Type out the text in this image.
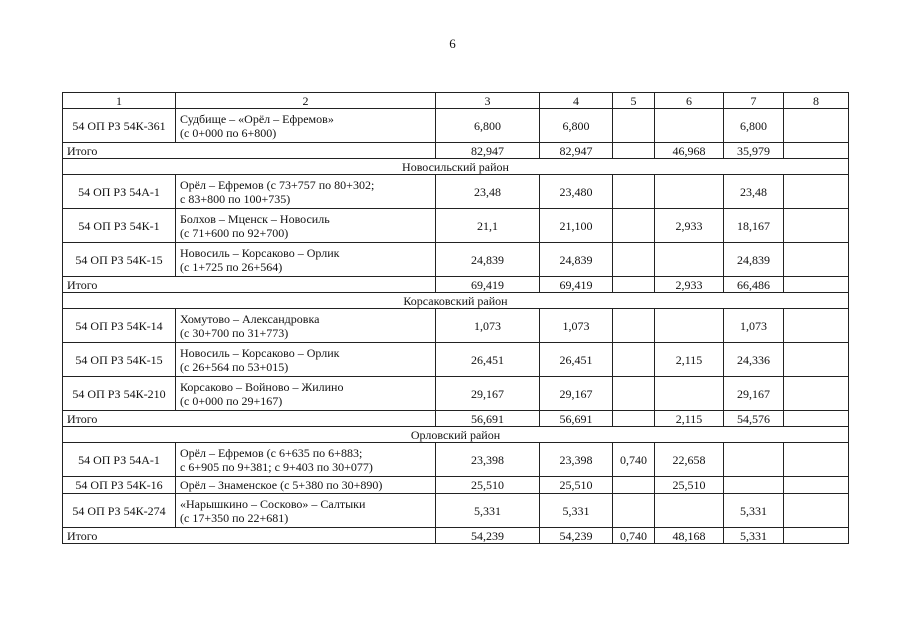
6
1	2	3	4	5	6	7	8
54 ОП РЗ 54К-361	Судбище – «Орёл – Ефремов»
(с 0+000 по 6+800)	6,800	6,800			6,800	
Итого		82,947	82,947		46,968	35,979	
Новосильский район							
54 ОП РЗ 54А-1	Орёл – Ефремов (с 73+757 по 80+302;
с 83+800 по 100+735)	23,48	23,480			23,48	
54 ОП РЗ 54К-1	Болхов – Мценск – Новосиль
(с 71+600 по 92+700)	21,1	21,100		2,933	18,167	
54 ОП РЗ 54К-15	Новосиль – Корсаково – Орлик
(с 1+725 по 26+564)	24,839	24,839			24,839	
Итого		69,419	69,419		2,933	66,486	
Корсаковский район							
54 ОП РЗ 54К-14	Хомутово – Александровка
(с 30+700 по 31+773)	1,073	1,073			1,073	
54 ОП РЗ 54К-15	Новосиль – Корсаково – Орлик
(с 26+564 по 53+015)	26,451	26,451		2,115	24,336	
54 ОП РЗ 54К-210	Корсаково – Войново – Жилино
(с 0+000 по 29+167)	29,167	29,167			29,167	
Итого		56,691	56,691		2,115	54,576	
Орловский район							
54 ОП РЗ 54А-1	Орёл – Ефремов (с 6+635 по 6+883;
с 6+905 по 9+381; с 9+403 по 30+077)	23,398	23,398	0,740	22,658		
54 ОП РЗ 54К-16	Орёл – Знаменское (с 5+380 по 30+890)	25,510	25,510		25,510		
54 ОП РЗ 54К-274	«Нарышкино – Сосково» – Салтыки
(с 17+350 по 22+681)	5,331	5,331			5,331	
Итого		54,239	54,239	0,740	48,168	5,331	
